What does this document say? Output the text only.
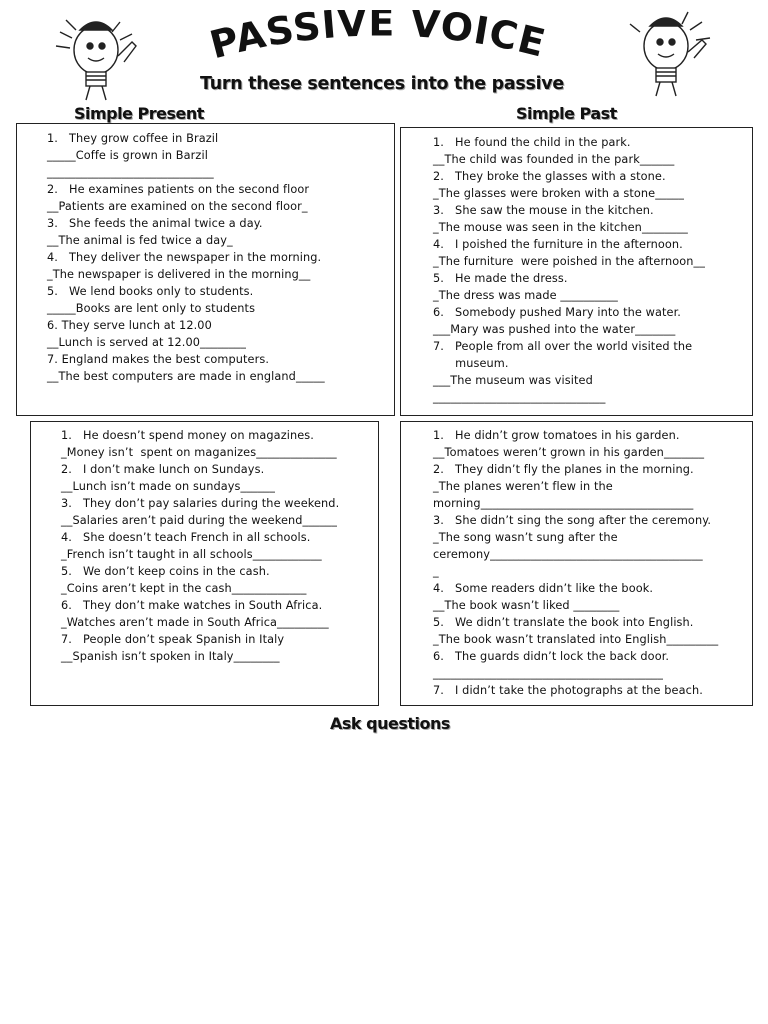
PASSIVE VOICE
Turn these sentences into the passive
Simple Present	Simple Past
1.   They grow coffee in Brazil
_____Coffe is grown in Barzil
_____________________________
2.   He examines patients on the second floor
__Patients are examined on the second floor_
3.   She feeds the animal twice a day.
__The animal is fed twice a day_
4.   They deliver the newspaper in the morning.
_The newspaper is delivered in the morning__
5.   We lend books only to students.
_____Books are lent only to students
6. They serve lunch at 12.00
__Lunch is served at 12.00________
7. England makes the best computers.
__The best computers are made in england_____
1.   He found the child in the park.
__The child was founded in the park______
2.   They broke the glasses with a stone.
_The glasses were broken with a stone_____
3.   She saw the mouse in the kitchen.
_The mouse was seen in the kitchen________
4.   I poished the furniture in the afternoon.
_The furniture  were poished in the afternoon__
5.   He made the dress.
_The dress was made __________
6.   Somebody pushed Mary into the water.
___Mary was pushed into the water_______
7.   People from all over the world visited the
museum.
___The museum was visited
______________________________
1.   He doesn’t spend money on magazines.
_Money isn’t  spent on maganizes______________
2.   I don’t make lunch on Sundays.
__Lunch isn’t made on sundays______
3.   They don’t pay salaries during the weekend.
__Salaries aren’t paid during the weekend______
4.   She doesn’t teach French in all schools.
_French isn’t taught in all schools____________
5.   We don’t keep coins in the cash.
_Coins aren’t kept in the cash_____________
6.   They don’t make watches in South Africa.
_Watches aren’t made in South Africa_________
7.   People don’t speak Spanish in Italy
__Spanish isn’t spoken in Italy________
1.   He didn’t grow tomatoes in his garden.
__Tomatoes weren’t grown in his garden_______
2.   They didn’t fly the planes in the morning.
_The planes weren’t flew in the
morning_____________________________________
3.   She didn’t sing the song after the ceremony.
_The song wasn’t sung after the
ceremony_____________________________________
_
4.   Some readers didn’t like the book.
__The book wasn’t liked ________
5.   We didn’t translate the book into English.
_The book wasn’t translated into English_________
6.   The guards didn’t lock the back door.
________________________________________
7.   I didn’t take the photographs at the beach.
Ask questions
